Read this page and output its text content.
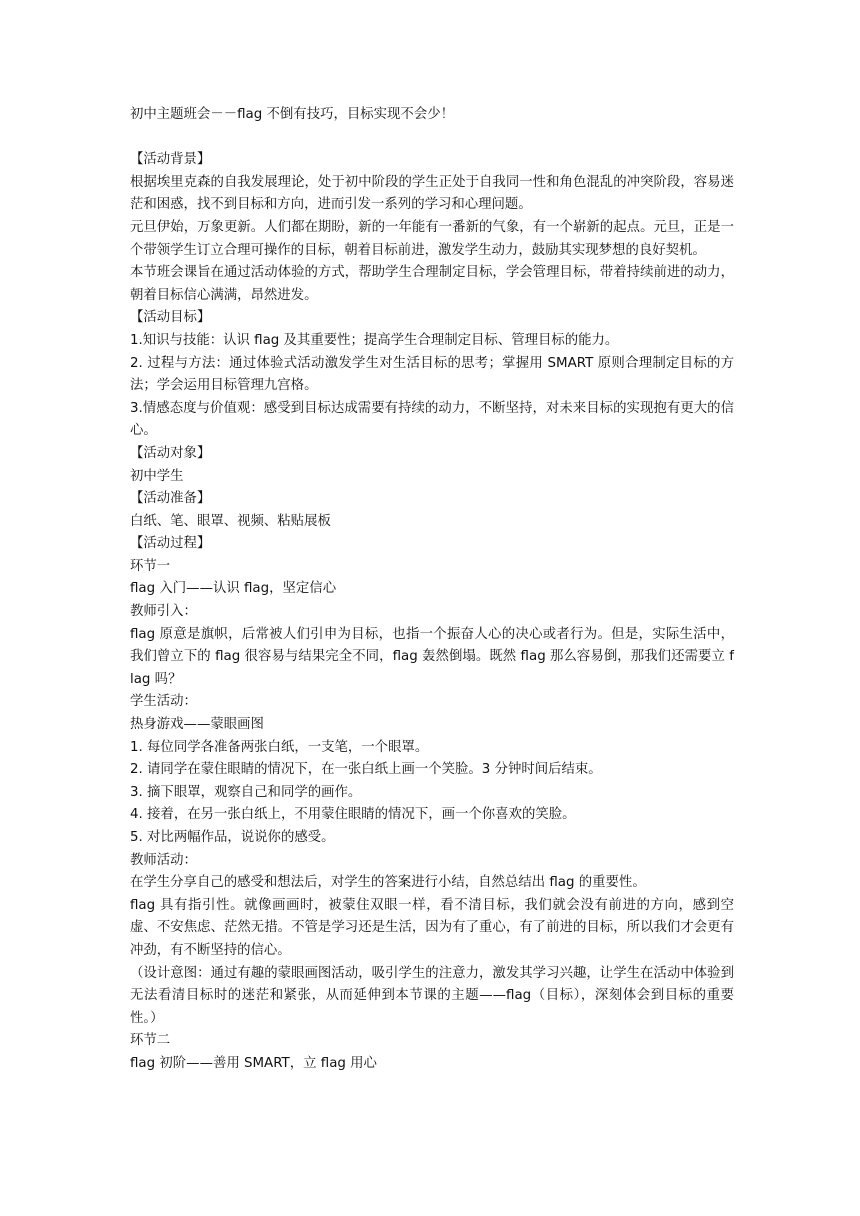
初中主题班会－－flag 不倒有技巧，目标实现不会少！

【活动背景】

根据埃里克森的自我发展理论，处于初中阶段的学生正处于自我同一性和角色混乱的冲突阶段，容易迷茫和困惑，找不到目标和方向，进而引发一系列的学习和心理问题。

元旦伊始，万象更新。人们都在期盼，新的一年能有一番新的气象，有一个崭新的起点。元旦，正是一个带领学生订立合理可操作的目标，朝着目标前进，激发学生动力，鼓励其实现梦想的良好契机。

本节班会课旨在通过活动体验的方式，帮助学生合理制定目标，学会管理目标，带着持续前进的动力，朝着目标信心满满，昂然进发。

【活动目标】

1.知识与技能：认识 flag 及其重要性；提高学生合理制定目标、管理目标的能力。

2. 过程与方法：通过体验式活动激发学生对生活目标的思考；掌握用 SMART 原则合理制定目标的方法；学会运用目标管理九宫格。

3.情感态度与价值观：感受到目标达成需要有持续的动力，不断坚持，对未来目标的实现抱有更大的信心。

【活动对象】

初中学生

【活动准备】

白纸、笔、眼罩、视频、粘贴展板

【活动过程】

环节一

flag 入门——认识 flag，坚定信心

教师引入：

flag 原意是旗帜，后常被人们引申为目标，也指一个振奋人心的决心或者行为。但是，实际生活中，我们曾立下的 flag 很容易与结果完全不同，flag 轰然倒塌。既然 flag 那么容易倒，那我们还需要立 flag 吗？

学生活动：

热身游戏——蒙眼画图

1. 每位同学各准备两张白纸，一支笔，一个眼罩。

2. 请同学在蒙住眼睛的情况下，在一张白纸上画一个笑脸。3 分钟时间后结束。

3. 摘下眼罩，观察自己和同学的画作。

4. 接着，在另一张白纸上，不用蒙住眼睛的情况下，画一个你喜欢的笑脸。

5. 对比两幅作品，说说你的感受。

教师活动：

在学生分享自己的感受和想法后，对学生的答案进行小结，自然总结出 flag 的重要性。

flag 具有指引性。就像画画时，被蒙住双眼一样，看不清目标，我们就会没有前进的方向，感到空虚、不安焦虑、茫然无措。不管是学习还是生活，因为有了重心，有了前进的目标，所以我们才会更有冲劲，有不断坚持的信心。

（设计意图：通过有趣的蒙眼画图活动，吸引学生的注意力，激发其学习兴趣，让学生在活动中体验到无法看清目标时的迷茫和紧张，从而延伸到本节课的主题——flag（目标），深刻体会到目标的重要性。）

环节二

flag 初阶——善用 SMART，立 flag 用心
